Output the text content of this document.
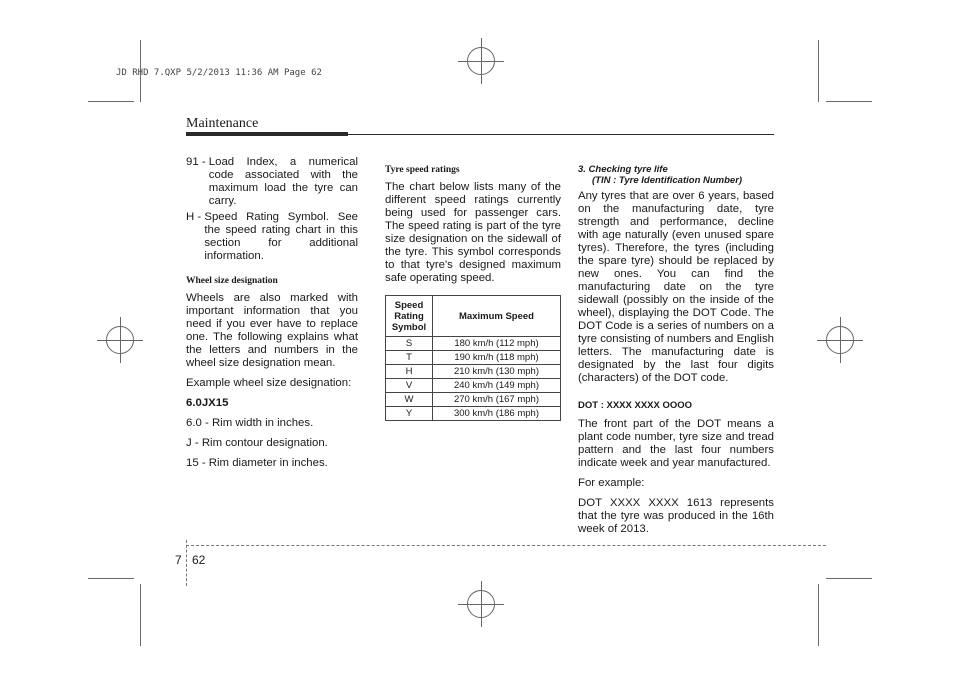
JD RHD 7.QXP 5/2/2013 11:36 AM Page 62
Maintenance
91 - Load Index, a numerical code associated with the maximum load the tyre can carry.
H - Speed Rating Symbol. See the speed rating chart in this section for additional information.
Wheel size designation

Wheels are also marked with important information that you need if you ever have to replace one. The following explains what the letters and numbers in the wheel size designation mean.

Example wheel size designation:
6.0JX15
6.0 - Rim width in inches.
J - Rim contour designation.
15 - Rim diameter in inches.
Tyre speed ratings

The chart below lists many of the different speed ratings currently being used for passenger cars. The speed rating is part of the tyre size designation on the sidewall of the tyre. This symbol corresponds to that tyre's designed maximum safe operating speed.

Speed Rating Symbol	Maximum Speed
S	180 km/h (112 mph)
T	190 km/h (118 mph)
H	210 km/h (130 mph)
V	240 km/h (149 mph)
W	270 km/h (167 mph)
Y	300 km/h (186 mph)
3. Checking tyre life
(TIN : Tyre Identification Number)

Any tyres that are over 6 years, based on the manufacturing date, tyre strength and performance, decline with age naturally (even unused spare tyres). Therefore, the tyres (including the spare tyre) should be replaced by new ones. You can find the manufacturing date on the tyre sidewall (possibly on the inside of the wheel), displaying the DOT Code. The DOT Code is a series of numbers on a tyre consisting of numbers and English letters. The manufacturing date is designated by the last four digits (characters) of the DOT code.

DOT : XXXX XXXX OOOO

The front part of the DOT means a plant code number, tyre size and tread pattern and the last four numbers indicate week and year manufactured.

For example:

DOT XXXX XXXX 1613 represents that the tyre was produced in the 16th week of 2013.

7 62
